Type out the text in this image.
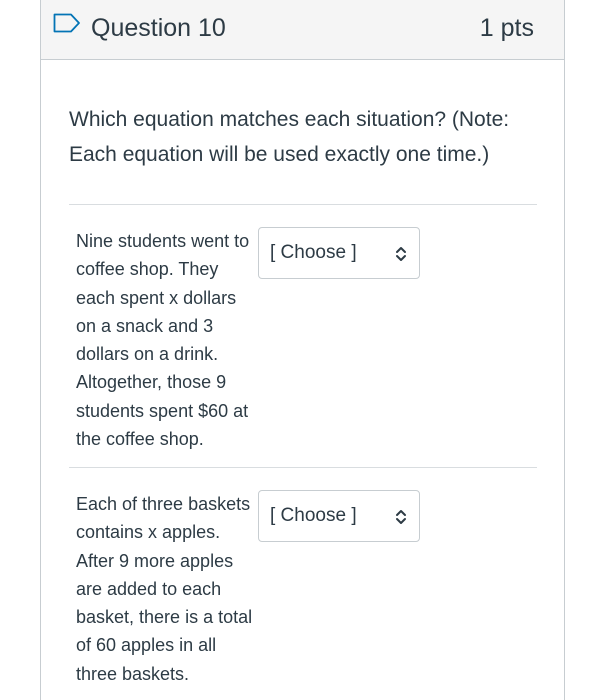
Question 10	1 pts
Which equation matches each situation? (Note: Each equation will be used exactly one time.)
Nine students went to coffee shop. They each spent x dollars on a snack and 3 dollars on a drink. Altogether, those 9 students spent $60 at the coffee shop.
[ Choose ]
Each of three baskets contains x apples. After 9 more apples are added to each basket, there is a total of 60 apples in all three baskets.
[ Choose ]
